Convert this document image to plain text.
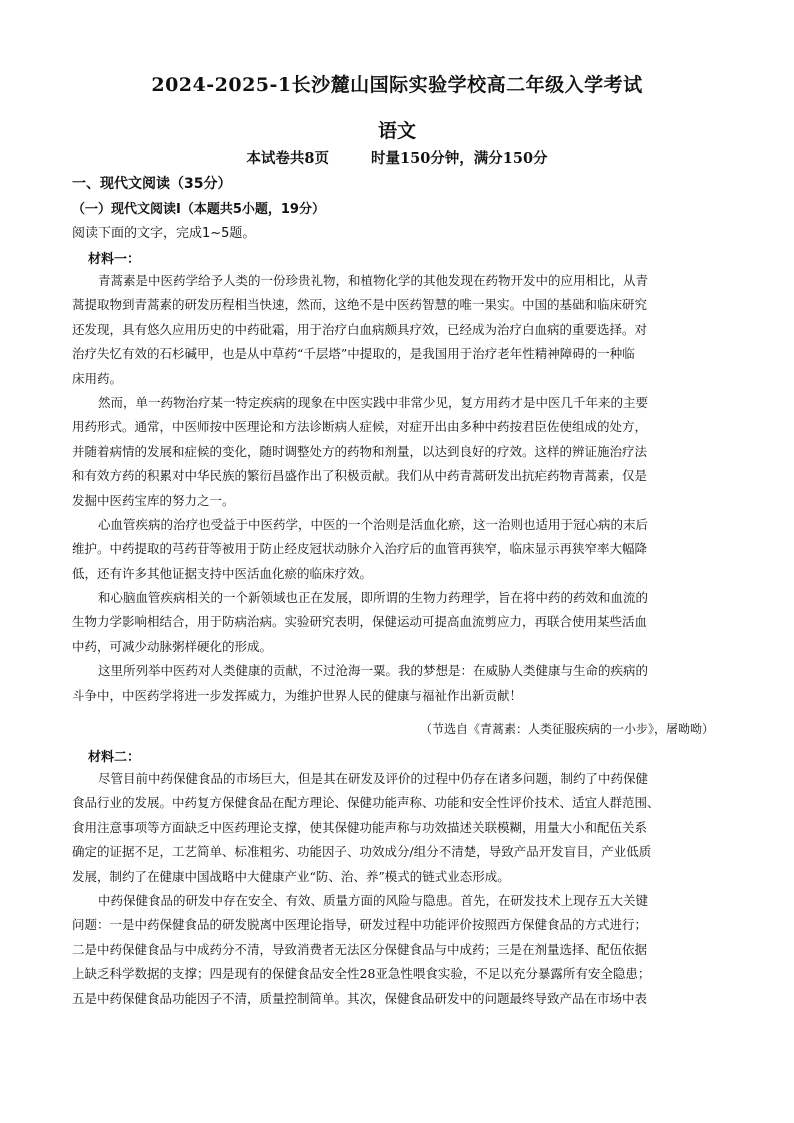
2024-2025-1长沙麓山国际实验学校高二年级入学考试
语文
本试卷共8页	时量150分钟，满分150分
一、现代文阅读（35分）
（一）现代文阅读Ⅰ（本题共5小题，19分）
阅读下面的文字，完成1~5题。
材料一：
青蒿素是中医药学给予人类的一份珍贵礼物，和植物化学的其他发现在药物开发中的应用相比，从青
蒿提取物到青蒿素的研发历程相当快速，然而，这绝不是中医药智慧的唯一果实。中国的基础和临床研究
还发现，具有悠久应用历史的中药砒霜，用于治疗白血病颇具疗效，已经成为治疗白血病的重要选择。对
治疗失忆有效的石杉碱甲，也是从中草药“千层塔”中提取的，是我国用于治疗老年性精神障碍的一种临
床用药。
然而，单一药物治疗某一特定疾病的现象在中医实践中非常少见，复方用药才是中医几千年来的主要
用药形式。通常，中医师按中医理论和方法诊断病人症候，对症开出由多种中药按君臣佐使组成的处方，
并随着病情的发展和症候的变化，随时调整处方的药物和剂量，以达到良好的疗效。这样的辨证施治疗法
和有效方药的积累对中华民族的繁衍昌盛作出了积极贡献。我们从中药青蒿研发出抗疟药物青蒿素，仅是
发掘中医药宝库的努力之一。
心血管疾病的治疗也受益于中医药学，中医的一个治则是活血化瘀，这一治则也适用于冠心病的末后
维护。中药提取的芎药苷等被用于防止经皮冠状动脉介入治疗后的血管再狭窄，临床显示再狭窄率大幅降
低，还有许多其他证据支持中医活血化瘀的临床疗效。
和心脑血管疾病相关的一个新领域也正在发展，即所谓的生物力药理学，旨在将中药的药效和血流的
生物力学影响相结合，用于防病治病。实验研究表明，保健运动可提高血流剪应力，再联合使用某些活血
中药，可减少动脉粥样硬化的形成。
这里所列举中医药对人类健康的贡献，不过沧海一粟。我的梦想是：在威胁人类健康与生命的疾病的
斗争中，中医药学将进一步发挥威力，为维护世界人民的健康与福祉作出新贡献！
（节选自《青蒿素：人类征服疾病的一小步》，屠呦呦）
材料二：
尽管目前中药保健食品的市场巨大，但是其在研发及评价的过程中仍存在诸多问题，制约了中药保健
食品行业的发展。中药复方保健食品在配方理论、保健功能声称、功能和安全性评价技术、适宜人群范围、
食用注意事项等方面缺乏中医药理论支撑，使其保健功能声称与功效描述关联模糊，用量大小和配伍关系
确定的证据不足，工艺简单、标准粗劣、功能因子、功效成分/组分不清楚，导致产品开发盲目，产业低质
发展，制约了在健康中国战略中大健康产业“防、治、养”模式的链式业态形成。
中药保健食品的研发中存在安全、有效、质量方面的风险与隐患。首先，在研发技术上现存五大关键
问题：一是中药保健食品的研发脱离中医理论指导，研发过程中功能评价按照西方保健食品的方式进行；
二是中药保健食品与中成药分不清，导致消费者无法区分保健食品与中成药；三是在剂量选择、配伍依据
上缺乏科学数据的支撑；四是现有的保健食品安全性28亚急性喂食实验，不足以充分暴露所有安全隐患；
五是中药保健食品功能因子不清，质量控制简单。其次，保健食品研发中的问题最终导致产品在市场中表
